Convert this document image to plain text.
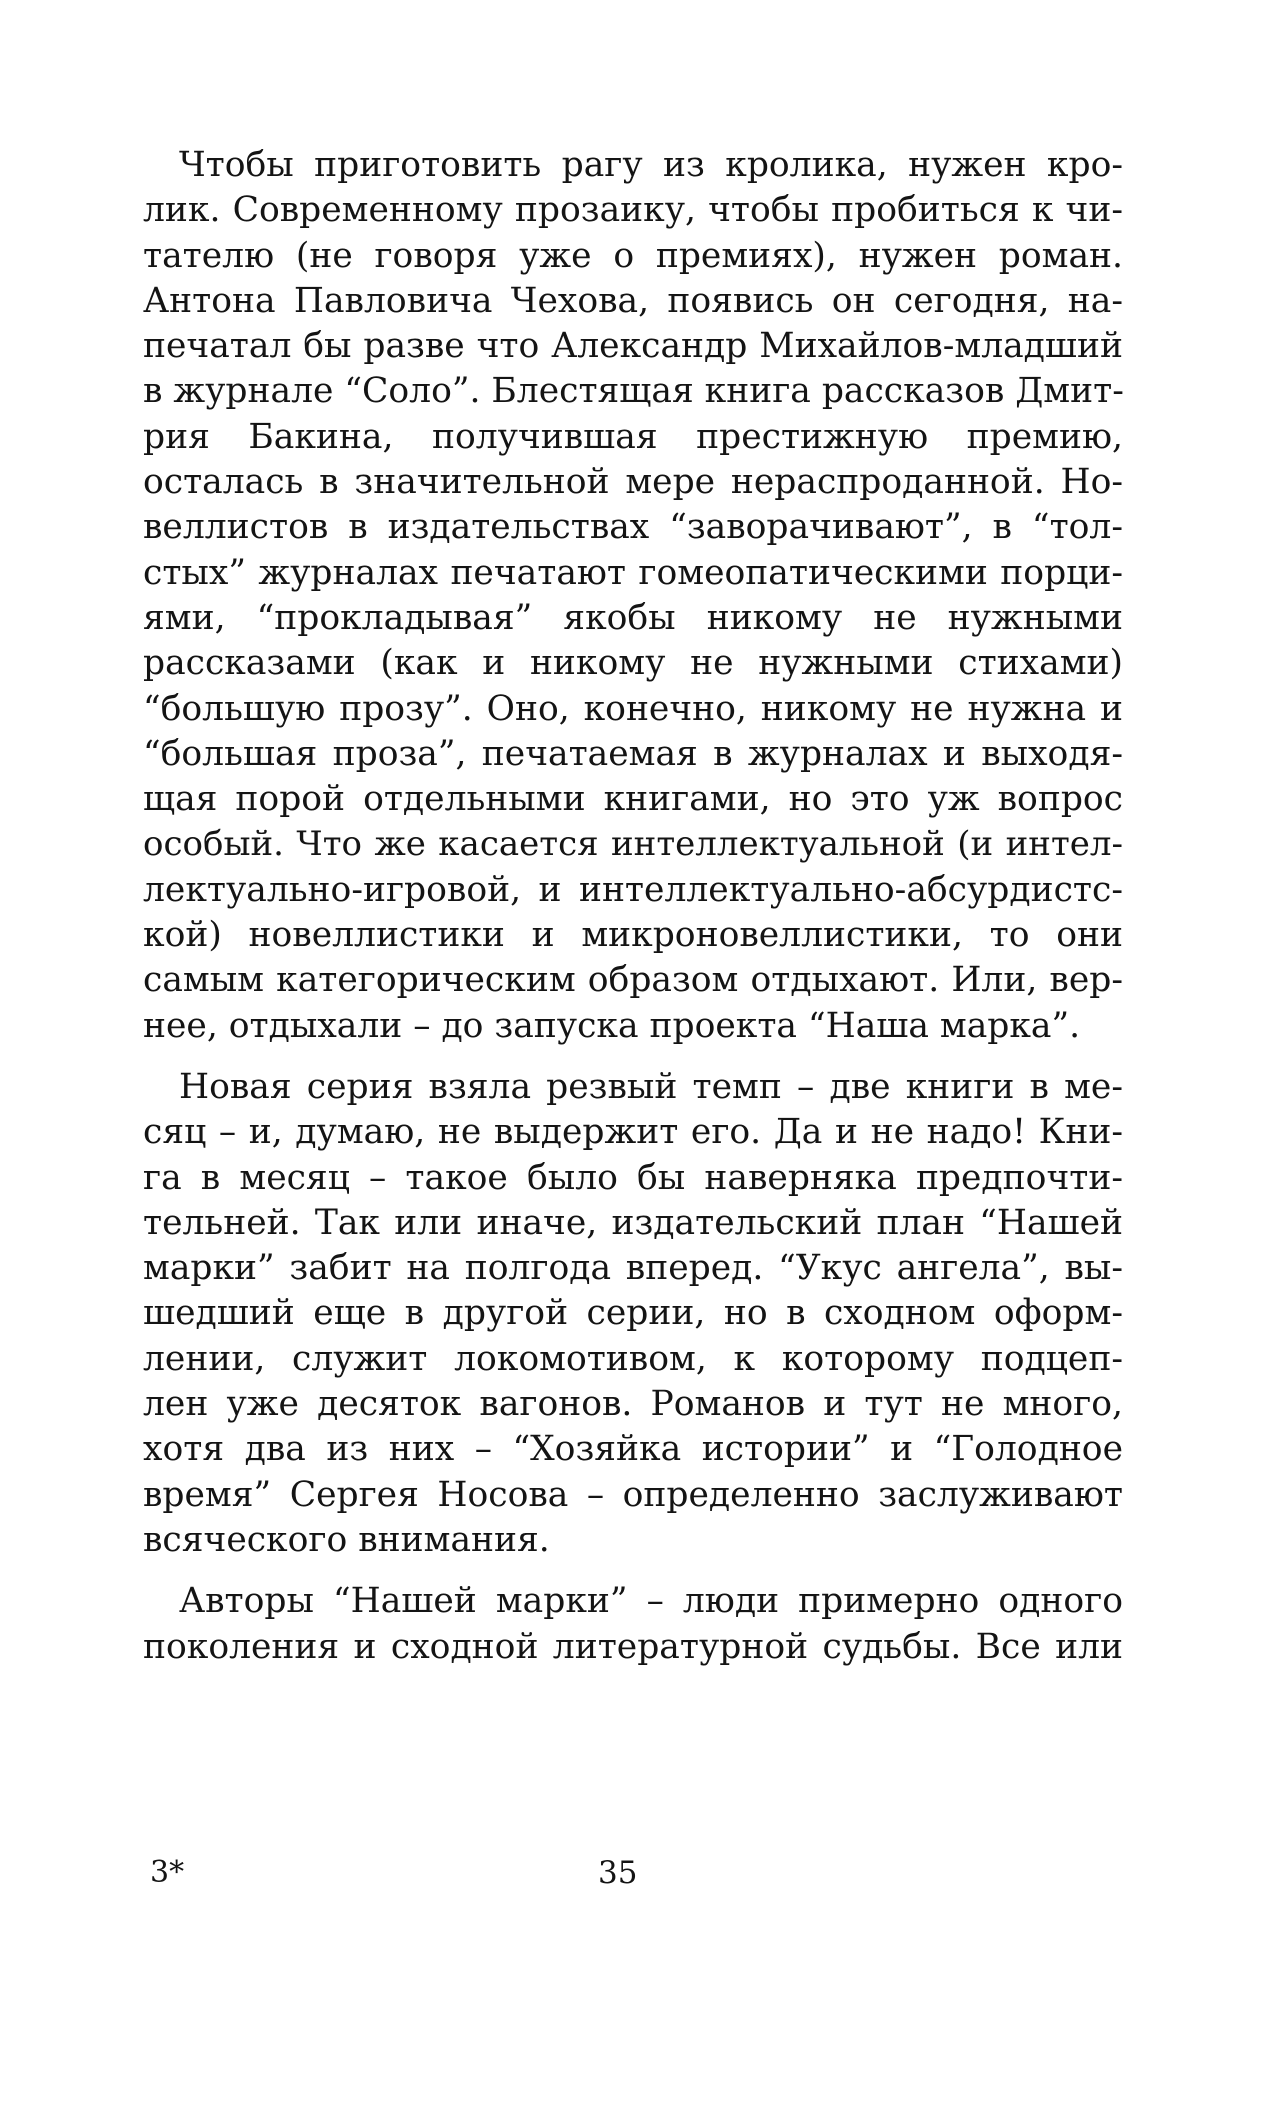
Чтобы приготовить рагу из кролика, нужен кро-
лик. Современному прозаику, чтобы пробиться к чи-
тателю (не говоря уже о премиях), нужен роман.
Антона Павловича Чехова, появись он сегодня, на-
печатал бы разве что Александр Михайлов-младший
в журнале “Соло”. Блестящая книга рассказов Дмит-
рия Бакина, получившая престижную премию,
осталась в значительной мере нераспроданной. Но-
веллистов в издательствах “заворачивают”, в “тол-
стых” журналах печатают гомеопатическими порци-
ями, “прокладывая” якобы никому не нужными
рассказами (как и никому не нужными стихами)
“большую прозу”. Оно, конечно, никому не нужна и
“большая проза”, печатаемая в журналах и выходя-
щая порой отдельными книгами, но это уж вопрос
особый. Что же касается интеллектуальной (и интел-
лектуально-игровой, и интеллектуально-абсурдистс-
кой) новеллистики и микроновеллистики, то они
самым категорическим образом отдыхают. Или, вер-
нее, отдыхали – до запуска проекта “Наша марка”.
Новая серия взяла резвый темп – две книги в ме-
сяц – и, думаю, не выдержит его. Да и не надо! Кни-
га в месяц – такое было бы наверняка предпочти-
тельней. Так или иначе, издательский план “Нашей
марки” забит на полгода вперед. “Укус ангела”, вы-
шедший еще в другой серии, но в сходном оформ-
лении, служит локомотивом, к которому подцеп-
лен уже десяток вагонов. Романов и тут не много,
хотя два из них – “Хозяйка истории” и “Голодное
время” Сергея Носова – определенно заслуживают
всяческого внимания.
Авторы “Нашей марки” – люди примерно одного
поколения и сходной литературной судьбы. Все или
3*	35
